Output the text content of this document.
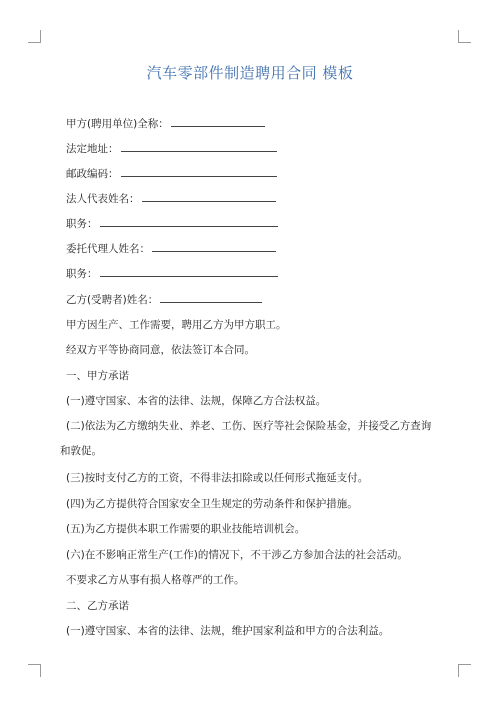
汽车零部件制造聘用合同 模板
甲方(聘用单位)全称：
法定地址：
邮政编码：
法人代表姓名：
职务：
委托代理人姓名：
职务：
乙方(受聘者)姓名：
甲方因生产、工作需要，聘用乙方为甲方职工。
经双方平等协商同意，依法签订本合同。
一、甲方承诺
(一)遵守国家、本省的法律、法规，保障乙方合法权益。
(二)依法为乙方缴纳失业、养老、工伤、医疗等社会保险基金，并接受乙方查询
和敦促。
(三)按时支付乙方的工资，不得非法扣除或以任何形式拖延支付。
(四)为乙方提供符合国家安全卫生规定的劳动条件和保护措施。
(五)为乙方提供本职工作需要的职业技能培训机会。
(六)在不影响正常生产(工作)的情况下，不干涉乙方参加合法的社会活动。
不要求乙方从事有损人格尊严的工作。
二、乙方承诺
(一)遵守国家、本省的法律、法规，维护国家利益和甲方的合法利益。
